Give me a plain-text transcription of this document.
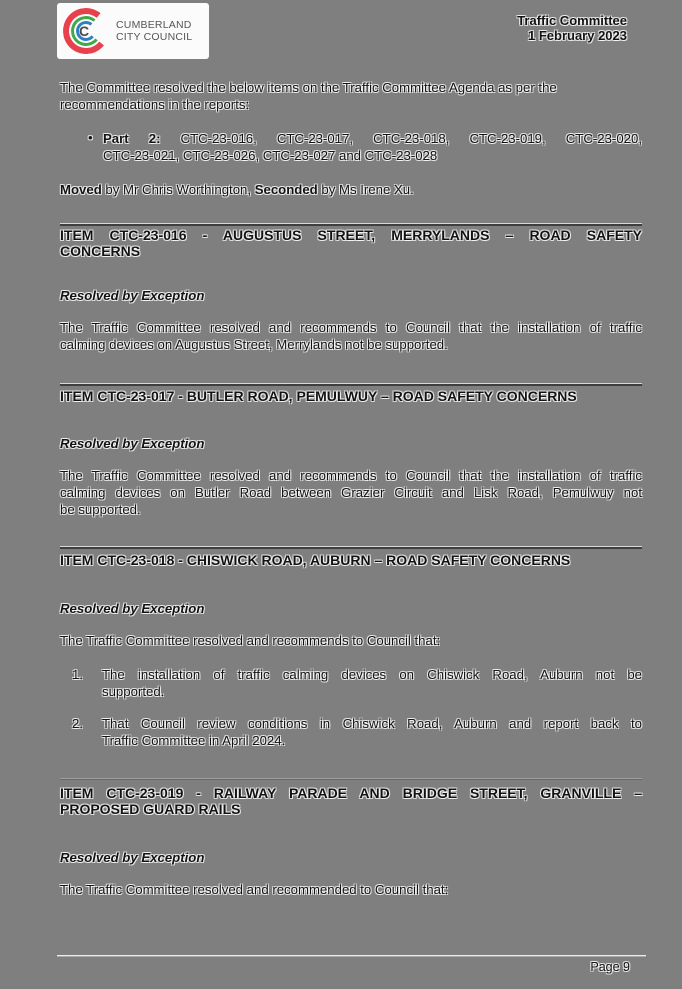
C	CUMBERLAND
CITY COUNCIL
Traffic Committee
1 February 2023
The Committee resolved the below items on the Traffic Committee Agenda as per the
recommendations in the reports:
• Part 2: CTC-23-016, CTC-23-017, CTC-23-018, CTC-23-019, CTC-23-020,
CTC-23-021, CTC-23-026, CTC-23-027 and CTC-23-028
Moved by Mr Chris Worthington, Seconded by Ms Irene Xu.
ITEM CTC-23-016 - AUGUSTUS STREET, MERRYLANDS – ROAD SAFETY
CONCERNS
Resolved by Exception
The Traffic Committee resolved and recommends to Council that the installation of traffic
calming devices on Augustus Street, Merrylands not be supported.
ITEM CTC-23-017 - BUTLER ROAD, PEMULWUY – ROAD SAFETY CONCERNS
Resolved by Exception
The Traffic Committee resolved and recommends to Council that the installation of traffic
calming devices on Butler Road between Grazier Circuit and Lisk Road, Pemulwuy not
be supported.
ITEM CTC-23-018 - CHISWICK ROAD, AUBURN – ROAD SAFETY CONCERNS
Resolved by Exception
The Traffic Committee resolved and recommends to Council that:
1. The installation of traffic calming devices on Chiswick Road, Auburn not be
supported.
2. That Council review conditions in Chiswick Road, Auburn and report back to
Traffic Committee in April 2024.
ITEM CTC-23-019 - RAILWAY PARADE AND BRIDGE STREET, GRANVILLE –
PROPOSED GUARD RAILS
Resolved by Exception
The Traffic Committee resolved and recommended to Council that:
Page 9
